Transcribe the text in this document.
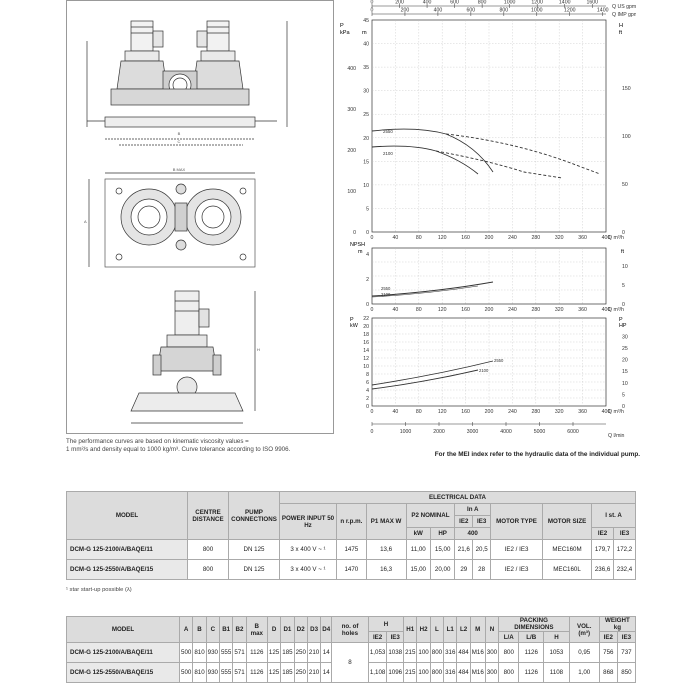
B
C
B MAX
A
H
0	200	400	600	800	1000	1200	1400	1600
0	200	400	600	800	1000	1200	1400
Q US gpm
Q IMP gpm
0
100
200
300
400
0
5
10
15
20
25
30
35
40
45
0
50
100
150
P
kPa m
H
ft
2550
2100
0	40	80	120	160	200	240	280	320	360	400
Q m³/h
0
2
4
0
5
10
NPSH
m	ft
2550
2100
0	40	80	120	160	200	240	280	320	360	400
Q m³/h
0
2
4
6
8
10
12
14
16
18
20
22
0
5
10
15
20
25
30
P
kW
P
HP
2550
2100
0	40	80	120	160	200	240	280	320	360	400
Q m³/h
0	1000	2000	3000	4000	5000	6000
Q l/min
The performance curves are based on kinematic viscosity values =
1 mm²/s and density equal to 1000 kg/m³. Curve tolerance according to ISO 9906.
For the MEI index refer to the hydraulic data of the individual pump.
MODEL	CENTRE DISTANCE	PUMP CONNECTIONS	ELECTRICAL DATA										
			POWER INPUT 50 Hz	n r.p.m.	P1 MAX W	P2 NOMINAL		In A		MOTOR TYPE	MOTOR SIZE	I st. A	
								IE2	IE3				
						kW	HP	400				IE2	IE3
DCM-G 125-2100/A/BAQE/11	800	DN 125	3 x 400 V ~ ¹	1475	13,6	11,00	15,00	21,6	20,5	IE2 / IE3	MEC160M	179,7	172,2
DCM-G 125-2550/A/BAQE/15	800	DN 125	3 x 400 V ~ ¹	1470	16,3	15,00	20,00	29	28	IE2 / IE3	MEC160L	236,6	232,4
¹ star start-up possible (λ)
MODEL	A	B	C	B1	B2	B max	D	D1	D2	D3	D4	no. of holes	H		H1	H2	L	L1	L2	M	N	PACKING DIMENSIONS			VOL. (m³)	WEIGHT kg	
													IE2	IE3								L/A	L/B	H		IE2	IE3
DCM-G 125-2100/A/BAQE/11	500	810	930	555	571	1126	125	185	250	210	14	8	1,053	1038	215	100	800	316	484	M16	300	800	1126	1053	0,95	756	737
DCM-G 125-2550/A/BAQE/15	500	810	930	555	571	1126	125	185	250	210	14		1,108	1096	215	100	800	316	484	M16	300	800	1126	1108	1,00	868	850
